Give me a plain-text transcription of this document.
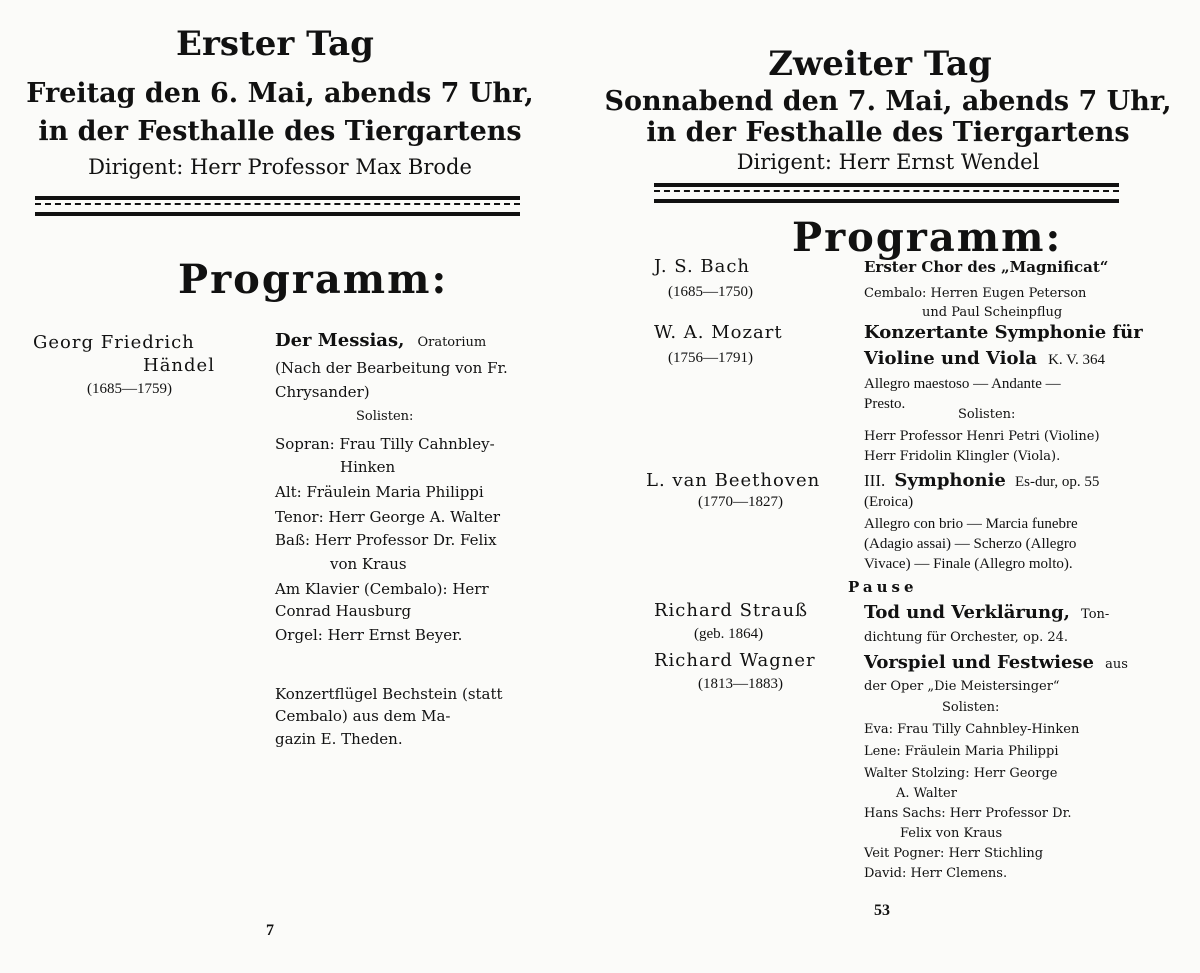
Erster Tag
Freitag den 6. Mai, abends 7 Uhr,
in der Festhalle des Tiergartens
Dirigent: Herr Professor Max Brode
Programm:
Georg Friedrich
Händel
(1685—1759)
Der Messias, Oratorium
(Nach der Bearbeitung von Fr.
Chrysander)
Solisten:
Sopran: Frau Tilly Cahnbley-
Hinken
Alt: Fräulein Maria Philippi
Tenor: Herr George A. Walter
Baß: Herr Professor Dr. Felix
von Kraus
Am Klavier (Cembalo): Herr
Conrad Hausburg
Orgel: Herr Ernst Beyer.
Konzertflügel Bechstein (statt
Cembalo) aus dem Ma-
gazin E. Theden.
7
Zweiter Tag
Sonnabend den 7. Mai, abends 7 Uhr,
in der Festhalle des Tiergartens
Dirigent: Herr Ernst Wendel
Programm:
J. S. Bach
(1685—1750)
Erster Chor des „Magnificat“
Cembalo: Herren Eugen Peterson
und Paul Scheinpflug
W. A. Mozart
(1756—1791)
Konzertante Symphonie für
Violine und Viola K. V. 364
Allegro maestoso — Andante —
Presto.
Solisten:
Herr Professor Henri Petri (Violine)
Herr Fridolin Klingler (Viola).
L. van Beethoven
(1770—1827)
III. Symphonie Es-dur, op. 55
(Eroica)
Allegro con brio — Marcia funebre
(Adagio assai) — Scherzo (Allegro
Vivace) — Finale (Allegro molto).
Pause
Richard Strauß
(geb. 1864)
Tod und Verklärung, Ton-
dichtung für Orchester, op. 24.
Richard Wagner
(1813—1883)
Vorspiel und Festwiese aus
der Oper „Die Meistersinger“
Solisten:
Eva: Frau Tilly Cahnbley-Hinken
Lene: Fräulein Maria Philippi
Walter Stolzing: Herr George
A. Walter
Hans Sachs: Herr Professor Dr.
Felix von Kraus
Veit Pogner: Herr Stichling
David: Herr Clemens.
53
